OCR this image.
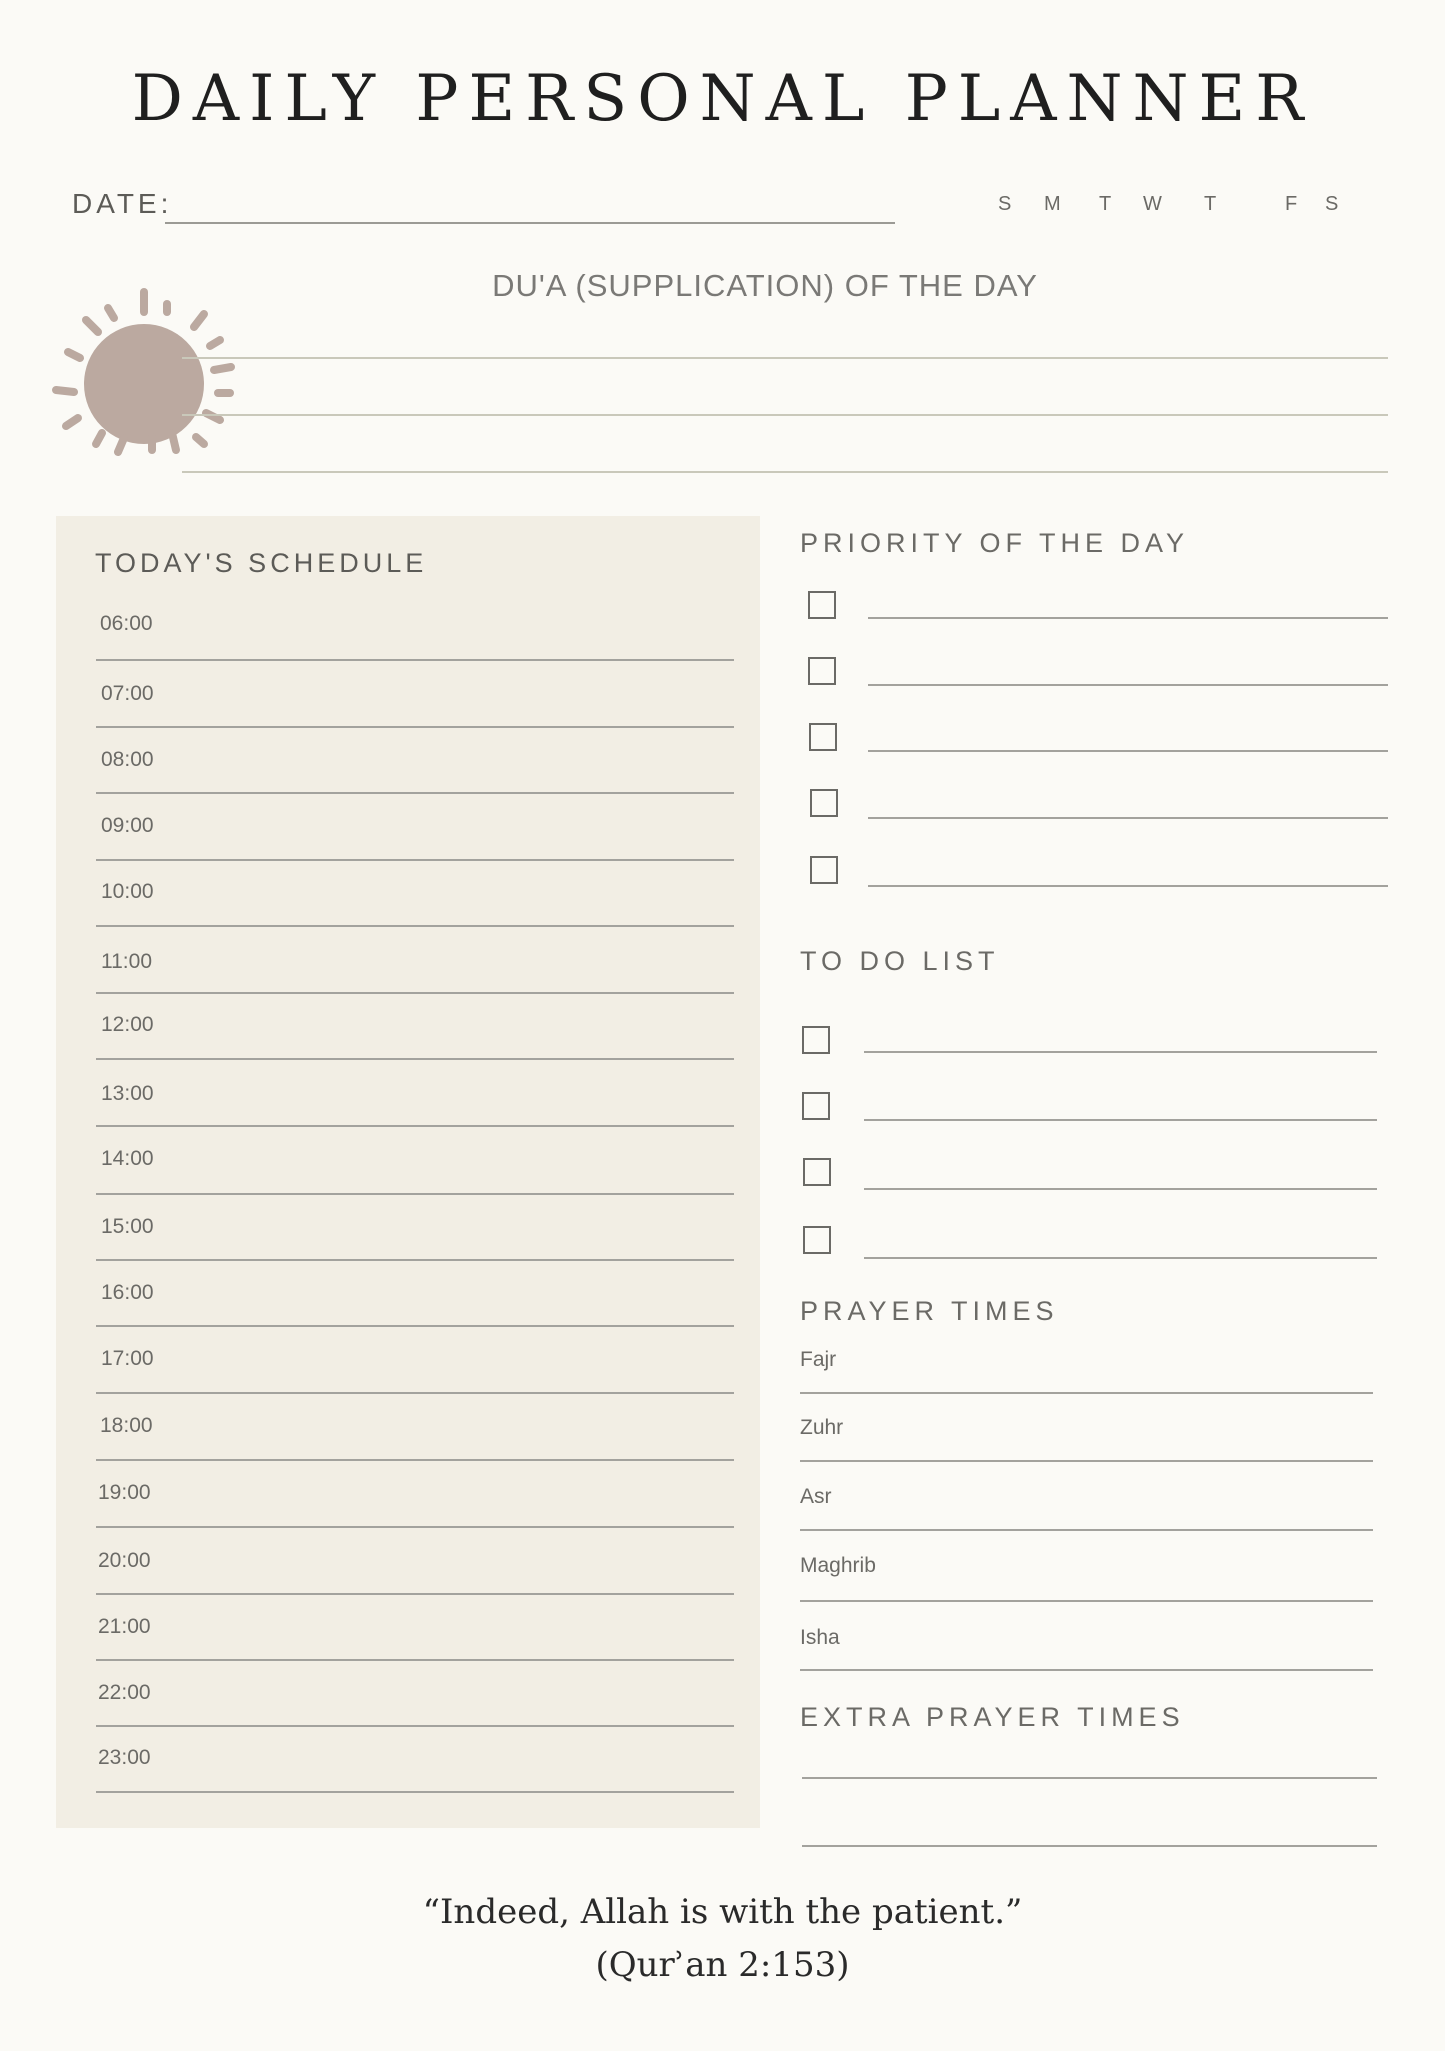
DAILY PERSONAL PLANNER
DATE:	S M T W T	F S
DU'A (SUPPLICATION) OF THE DAY
TODAY'S SCHEDULE
06:00
07:00
08:00
09:00
10:00
11:00
12:00
13:00
14:00
15:00
16:00
17:00
18:00
19:00
20:00
21:00
22:00
23:00
PRIORITY OF THE DAY
TO DO LIST
PRAYER TIMES
Fajr
Zuhr
Asr
Maghrib
Isha
EXTRA PRAYER TIMES
“Indeed, Allah is with the patient.”
(Qurʾan 2:153)
